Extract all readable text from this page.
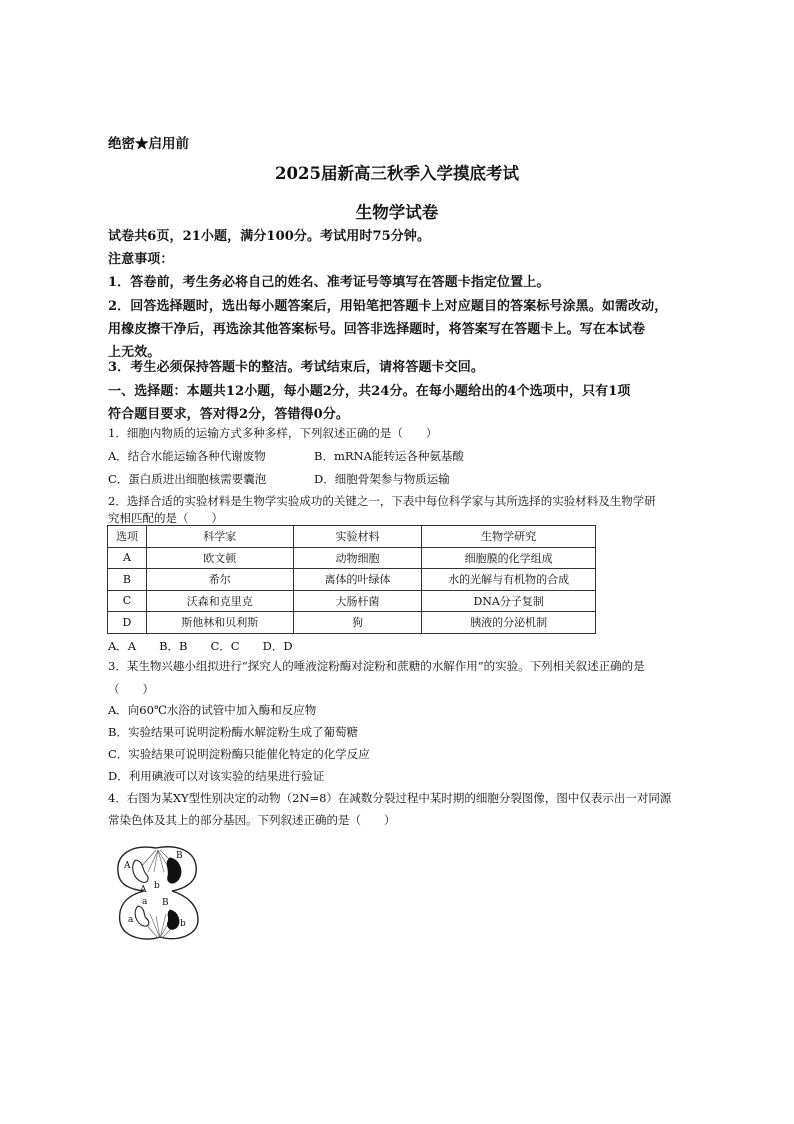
绝密★启用前
2025届新高三秋季入学摸底考试
生物学试卷
试卷共6页，21小题，满分100分。考试用时75分钟。
注意事项：
1．答卷前，考生务必将自己的姓名、准考证号等填写在答题卡指定位置上。
2．回答选择题时，选出每小题答案后，用铅笔把答题卡上对应题目的答案标号涂黑。如需改动，
用橡皮擦干净后，再选涂其他答案标号。回答非选择题时，将答案写在答题卡上。写在本试卷
上无效。
3．考生必须保持答题卡的整洁。考试结束后，请将答题卡交回。
一、选择题：本题共12小题，每小题2分，共24分。在每小题给出的4个选项中，只有1项
符合题目要求，答对得2分，答错得0分。
1．细胞内物质的运输方式多种多样，下列叙述正确的是（　　）
A．结合水能运输各种代谢废物	B．mRNA能转运各种氨基酸
C．蛋白质进出细胞核需要囊泡	D．细胞骨架参与物质运输
2．选择合适的实验材料是生物学实验成功的关键之一，下表中每位科学家与其所选择的实验材料及生物学研
究相匹配的是（　　）
选项	科学家	实验材料	生物学研究
A	欧文顿	动物细胞	细胞膜的化学组成
B	希尔	离体的叶绿体	水的光解与有机物的合成
C	沃森和克里克	大肠杆菌	DNA分子复制
D	斯他林和贝利斯	狗	胰液的分泌机制
A．A　　B．B　　C．C　　D．D
3．某生物兴趣小组拟进行“探究人的唾液淀粉酶对淀粉和蔗糖的水解作用”的实验。下列相关叙述正确的是
（　　）
A．向60℃水浴的试管中加入酶和反应物
B．实验结果可说明淀粉酶水解淀粉生成了葡萄糖
C．实验结果可说明淀粉酶只能催化特定的化学反应
D．利用碘液可以对该实验的结果进行验证
4．右图为某XY型性别决定的动物（2N=8）在减数分裂过程中某时期的细胞分裂图像，图中仅表示出一对同源
常染色体及其上的部分基因。下列叙述正确的是（　　）
A
B
A b
a B
a	b
